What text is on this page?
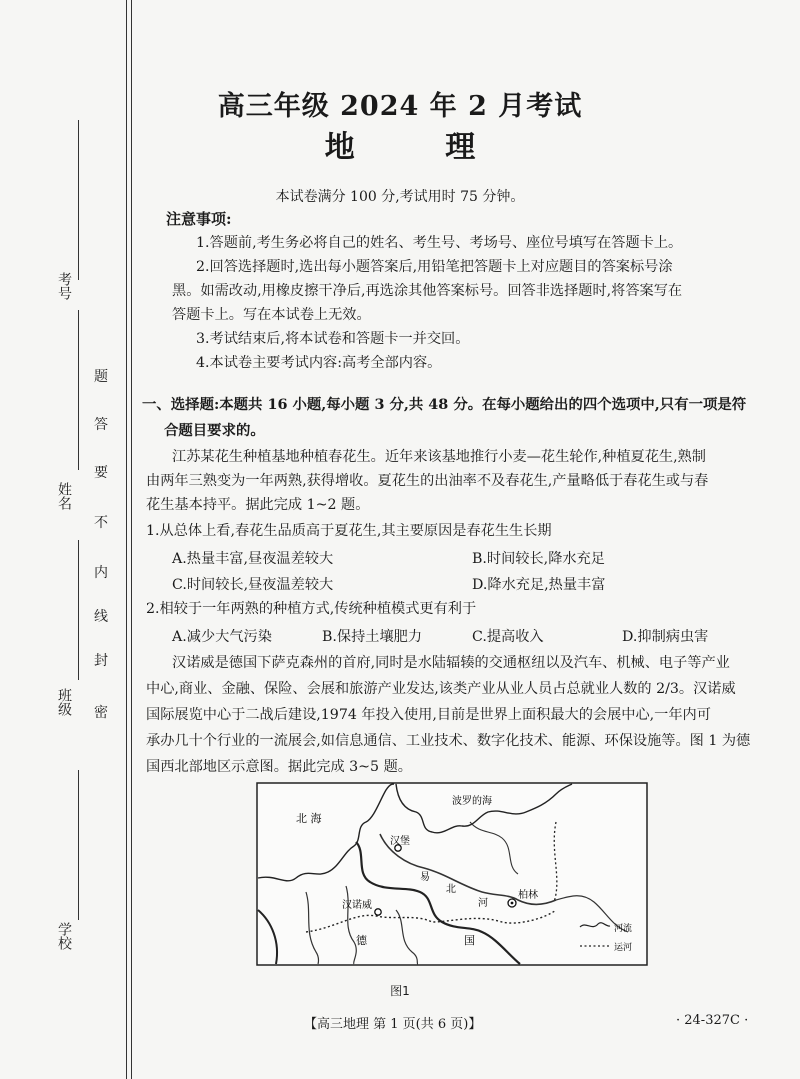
考号
姓名
班级
学校
密
封
线
内
不
要
答
题
高三年级 2024 年 2 月考试
地 理
本试卷满分 100 分,考试用时 75 分钟。
注意事项:
1.答题前,考生务必将自己的姓名、考生号、考场号、座位号填写在答题卡上。
2.回答选择题时,选出每小题答案后,用铅笔把答题卡上对应题目的答案标号涂
黑。如需改动,用橡皮擦干净后,再选涂其他答案标号。回答非选择题时,将答案写在
答题卡上。写在本试卷上无效。
3.考试结束后,将本试卷和答题卡一并交回。
4.本试卷主要考试内容:高考全部内容。
一、选择题:本题共 16 小题,每小题 3 分,共 48 分。在每小题给出的四个选项中,只有一项是符
合题目要求的。
江苏某花生种植基地种植春花生。近年来该基地推行小麦—花生轮作,种植夏花生,熟制
由两年三熟变为一年两熟,获得增收。夏花生的出油率不及春花生,产量略低于春花生或与春
花生基本持平。据此完成 1~2 题。
1.从总体上看,春花生品质高于夏花生,其主要原因是春花生生长期
A.热量丰富,昼夜温差较大	B.时间较长,降水充足
C.时间较长,昼夜温差较大	D.降水充足,热量丰富
2.相较于一年两熟的种植方式,传统种植模式更有利于
A.减少大气污染	B.保持土壤肥力	C.提高收入	D.抑制病虫害
汉诺威是德国下萨克森州的首府,同时是水陆辐辏的交通枢纽以及汽车、机械、电子等产业
中心,商业、金融、保险、会展和旅游产业发达,该类产业从业人员占总就业人数的 2/3。汉诺威
国际展览中心于二战后建设,1974 年投入使用,目前是世界上面积最大的会展中心,一年内可
承办几十个行业的一流展会,如信息通信、工业技术、数字化技术、能源、环保设施等。图 1 为德
国西北部地区示意图。据此完成 3~5 题。
波罗的海
北 海
汉堡
柏林
汉诺威
易
北
河
德	国
河流
运河
图1
【高三地理 第 1 页(共 6 页)】	· 24-327C ·
